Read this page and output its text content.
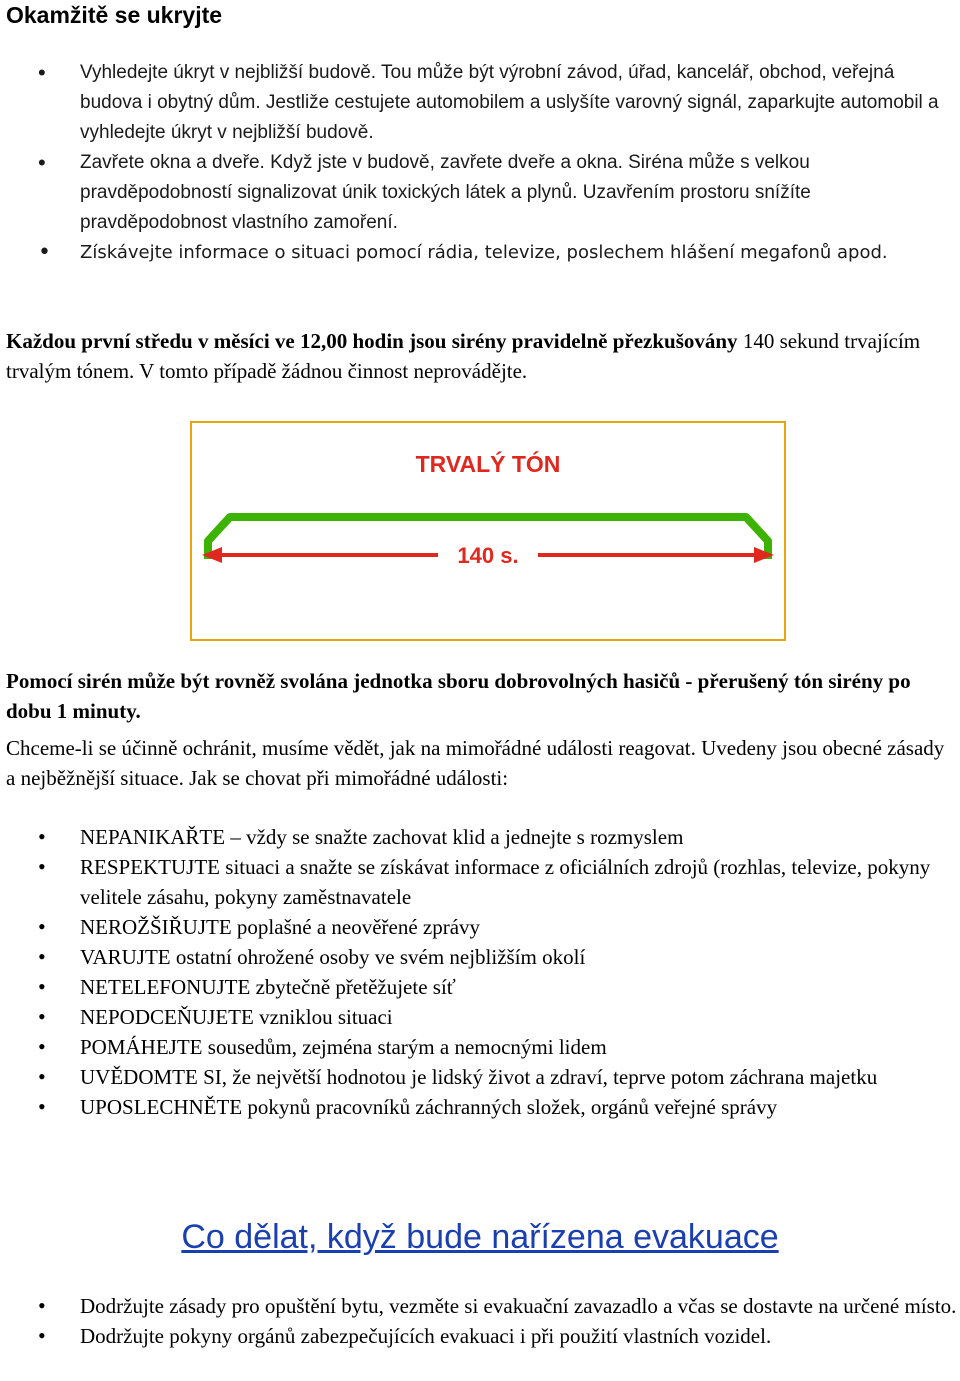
Okamžitě se ukryjte
• Vyhledejte úkryt v nejbližší budově. Tou může být výrobní závod, úřad, kancelář, obchod, veřejná budova i obytný dům. Jestliže cestujete automobilem a uslyšíte varovný signál, zaparkujte automobil a vyhledejte úkryt v nejbližší budově.
• Zavřete okna a dveře. Když jste v budově, zavřete dveře a okna. Siréna může s velkou pravděpodobností signalizovat únik toxických látek a plynů. Uzavřením prostoru snížíte pravděpodobnost vlastního zamoření.
• Získávejte informace o situaci pomocí rádia, televize, poslechem hlášení megafonů apod.
Každou první středu v měsíci ve 12,00 hodin jsou sirény pravidelně přezkušovány 140 sekund trvajícím trvalým tónem. V tomto případě žádnou činnost neprovádějte.
TRVALÝ TÓN
140 s.
Pomocí sirén může být rovněž svolána jednotka sboru dobrovolných hasičů - přerušený tón sirény po dobu 1 minuty.
Chceme-li se účinně ochránit, musíme vědět, jak na mimořádné události reagovat. Uvedeny jsou obecné zásady a nejběžnější situace. Jak se chovat při mimořádné události:
• NEPANIKAŘTE – vždy se snažte zachovat klid a jednejte s rozmyslem
• RESPEKTUJTE situaci a snažte se získávat informace z oficiálních zdrojů (rozhlas, televize, pokyny velitele zásahu, pokyny zaměstnavatele
• NEROŽŠIŘUJTE poplašné a neověřené zprávy
• VARUJTE ostatní ohrožené osoby ve svém nejbližším okolí
• NETELEFONUJTE zbytečně přetěžujete síť
• NEPODCEŇUJETE vzniklou situaci
• POMÁHEJTE sousedům, zejména starým a nemocnými lidem
• UVĚDOMTE SI, že největší hodnotou je lidský život a zdraví, teprve potom záchrana majetku
• UPOSLECHNĚTE pokynů pracovníků záchranných složek, orgánů veřejné správy
Co dělat, když bude nařízena evakuace
• Dodržujte zásady pro opuštění bytu, vezměte si evakuační zavazadlo a včas se dostavte na určené místo.
• Dodržujte pokyny orgánů zabezpečujících evakuaci i při použití vlastních vozidel.
